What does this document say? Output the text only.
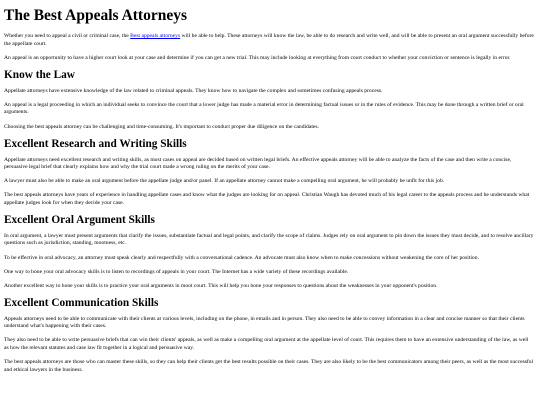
The Best Appeals Attorneys

Whether you need to appeal a civil or criminal case, the Best appeals attorneys will be able to help. These attorneys will know the law, be able to do research and write well, and will be able to present an oral argument successfully before the appellate court.

An appeal is an opportunity to have a higher court look at your case and determine if you can get a new trial. This may include looking at everything from court conduct to whether your conviction or sentence is legally in error.

Know the Law

Appellate attorneys have extensive knowledge of the law related to criminal appeals. They know how to navigate the complex and sometimes confusing appeals process.

An appeal is a legal proceeding in which an individual seeks to convince the court that a lower judge has made a material error in determining factual issues or in the rules of evidence. This may be done through a written brief or oral arguments.

Choosing the best appeals attorney can be challenging and time-consuming. It's important to conduct proper due diligence on the candidates.

Excellent Research and Writing Skills

Appellate attorneys need excellent research and writing skills, as most cases on appeal are decided based on written legal briefs. An effective appeals attorney will be able to analyze the facts of the case and then write a concise, persuasive legal brief that clearly explains how and why the trial court made a wrong ruling on the merits of your case.

A lawyer must also be able to make an oral argument before the appellate judge and/or panel. If an appellate attorney cannot make a compelling oral argument, he will probably be unfit for this job.

The best appeals attorneys have years of experience in handling appellate cases and know what the judges are looking for on appeal. Christian Waugh has devoted much of his legal career to the appeals process and he understands what appellate judges look for when they decide your case.

Excellent Oral Argument Skills

In oral argument, a lawyer must present arguments that clarify the issues, substantiate factual and legal points, and clarify the scope of claims. Judges rely on oral argument to pin down the issues they must decide, and to resolve ancillary questions such as jurisdiction, standing, mootness, etc.

To be effective in oral advocacy, an attorney must speak clearly and respectfully with a conversational cadence. An advocate must also know when to make concessions without weakening the core of her position.

One way to hone your oral advocacy skills is to listen to recordings of appeals in your court. The Internet has a wide variety of these recordings available.

Another excellent way to hone your skills is to practice your oral arguments in moot court. This will help you hone your responses to questions about the weaknesses in your opponent's position.

Excellent Communication Skills

Appeals attorneys need to be able to communicate with their clients at various levels, including on the phone, in emails and in person. They also need to be able to convey information in a clear and concise manner so that their clients understand what's happening with their cases.

They also need to be able to write persuasive briefs that can win their clients' appeals, as well as make a compelling oral argument at the appellate level of court. This requires them to have an extensive understanding of the law, as well as how the relevant statutes and case law fit together in a logical and persuasive way.

The best appeals attorneys are those who can master these skills, so they can help their clients get the best results possible on their cases. They are also likely to be the best communicators among their peers, as well as the most successful and ethical lawyers in the business.
